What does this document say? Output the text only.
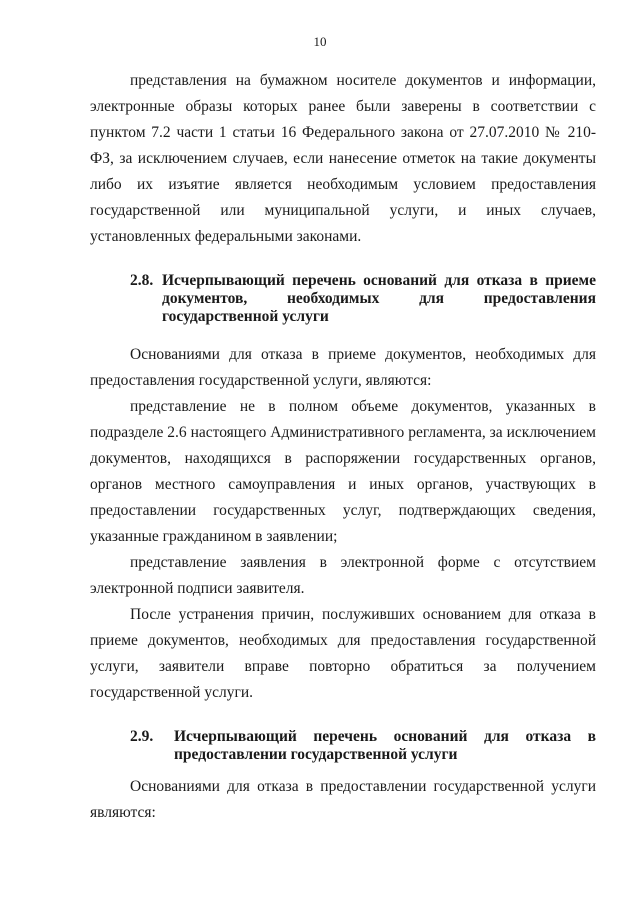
10

представления на бумажном носителе документов и информации, электронные образы которых ранее были заверены в соответствии с пунктом 7.2 части 1 статьи 16 Федерального закона от 27.07.2010 № 210-ФЗ, за исключением случаев, если нанесение отметок на такие документы либо их изъятие является необходимым условием предоставления государственной или муниципальной услуги, и иных случаев, установленных федеральными законами.

2.8. Исчерпывающий перечень оснований для отказа в приеме документов, необходимых для предоставления государственной услуги

Основаниями для отказа в приеме документов, необходимых для предоставления государственной услуги, являются:

представление не в полном объеме документов, указанных в подразделе 2.6 настоящего Административного регламента, за исключением документов, находящихся в распоряжении государственных органов, органов местного самоуправления и иных органов, участвующих в предоставлении государственных услуг, подтверждающих сведения, указанные гражданином в заявлении;

представление заявления в электронной форме с отсутствием электронной подписи заявителя.

После устранения причин, послуживших основанием для отказа в приеме документов, необходимых для предоставления государственной услуги, заявители вправе повторно обратиться за получением государственной услуги.

2.9. Исчерпывающий перечень оснований для отказа в предоставлении государственной услуги

Основаниями для отказа в предоставлении государственной услуги являются:
